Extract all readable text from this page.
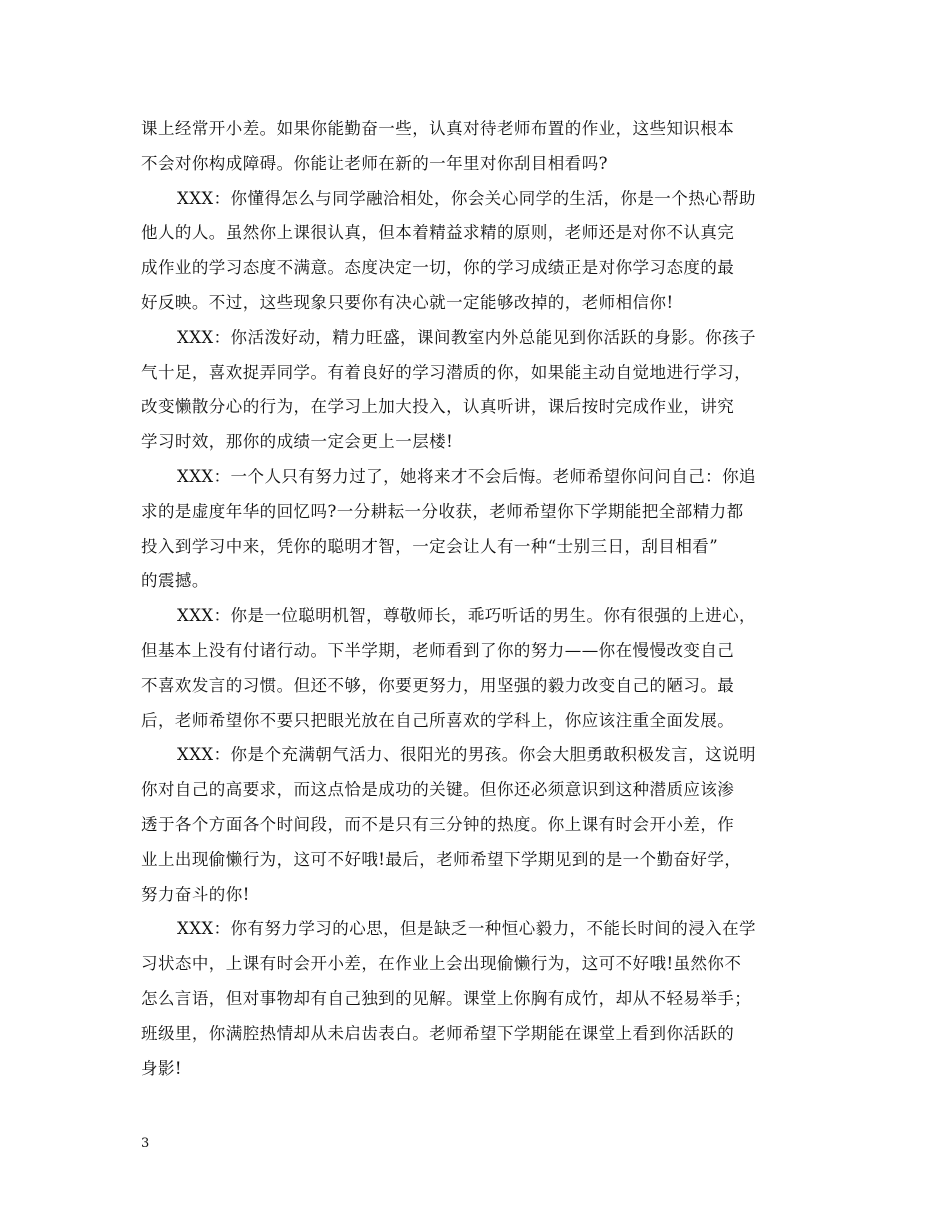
课上经常开小差。如果你能勤奋一些，认真对待老师布置的作业，这些知识根本
不会对你构成障碍。你能让老师在新的一年里对你刮目相看吗?
XXX：你懂得怎么与同学融洽相处，你会关心同学的生活，你是一个热心帮助
他人的人。虽然你上课很认真，但本着精益求精的原则，老师还是对你不认真完
成作业的学习态度不满意。态度决定一切，你的学习成绩正是对你学习态度的最
好反映。不过，这些现象只要你有决心就一定能够改掉的，老师相信你!
XXX：你活泼好动，精力旺盛，课间教室内外总能见到你活跃的身影。你孩子
气十足，喜欢捉弄同学。有着良好的学习潜质的你，如果能主动自觉地进行学习，
改变懒散分心的行为，在学习上加大投入，认真听讲，课后按时完成作业，讲究
学习时效，那你的成绩一定会更上一层楼!
XXX：一个人只有努力过了，她将来才不会后悔。老师希望你问问自己：你追
求的是虚度年华的回忆吗?一分耕耘一分收获，老师希望你下学期能把全部精力都
投入到学习中来，凭你的聪明才智，一定会让人有一种“士别三日，刮目相看”
的震撼。
XXX：你是一位聪明机智，尊敬师长，乖巧听话的男生。你有很强的上进心，
但基本上没有付诸行动。下半学期，老师看到了你的努力——你在慢慢改变自己
不喜欢发言的习惯。但还不够，你要更努力，用坚强的毅力改变自己的陋习。最
后，老师希望你不要只把眼光放在自己所喜欢的学科上，你应该注重全面发展。
XXX：你是个充满朝气活力、很阳光的男孩。你会大胆勇敢积极发言，这说明
你对自己的高要求，而这点恰是成功的关键。但你还必须意识到这种潜质应该渗
透于各个方面各个时间段，而不是只有三分钟的热度。你上课有时会开小差，作
业上出现偷懒行为，这可不好哦!最后，老师希望下学期见到的是一个勤奋好学，
努力奋斗的你!
XXX：你有努力学习的心思，但是缺乏一种恒心毅力，不能长时间的浸入在学
习状态中，上课有时会开小差，在作业上会出现偷懒行为，这可不好哦!虽然你不
怎么言语，但对事物却有自己独到的见解。课堂上你胸有成竹，却从不轻易举手；
班级里，你满腔热情却从未启齿表白。老师希望下学期能在课堂上看到你活跃的
身影!
3
